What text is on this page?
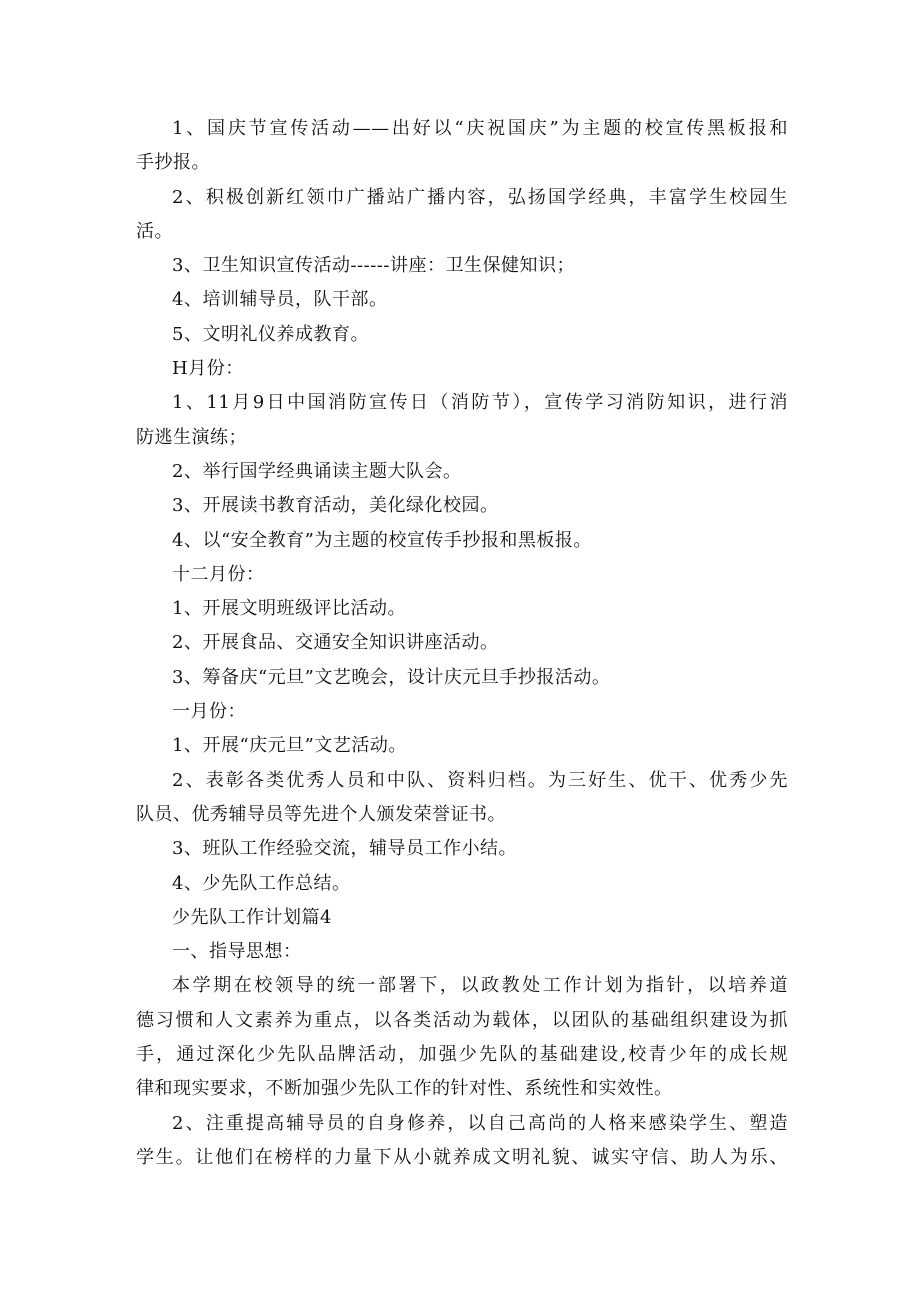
1、国庆节宣传活动——出好以“庆祝国庆”为主题的校宣传黑板报和
手抄报。
2、积极创新红领巾广播站广播内容，弘扬国学经典，丰富学生校园生
活。
3、卫生知识宣传活动------讲座：卫生保健知识；
4、培训辅导员，队干部。
5、文明礼仪养成教育。
H月份：
1、11月9日中国消防宣传日（消防节），宣传学习消防知识，进行消
防逃生演练；
2、举行国学经典诵读主题大队会。
3、开展读书教育活动，美化绿化校园。
4、以“安全教育”为主题的校宣传手抄报和黑板报。
十二月份：
1、开展文明班级评比活动。
2、开展食品、交通安全知识讲座活动。
3、筹备庆“元旦”文艺晚会，设计庆元旦手抄报活动。
一月份：
1、开展“庆元旦”文艺活动。
2、表彰各类优秀人员和中队、资料归档。为三好生、优干、优秀少先
队员、优秀辅导员等先进个人颁发荣誉证书。
3、班队工作经验交流，辅导员工作小结。
4、少先队工作总结。
少先队工作计划篇4
一、指导思想：
本学期在校领导的统一部署下，以政教处工作计划为指针，以培养道
德习惯和人文素养为重点，以各类活动为载体，以团队的基础组织建设为抓
手，通过深化少先队品牌活动，加强少先队的基础建设,校青少年的成长规
律和现实要求，不断加强少先队工作的针对性、系统性和实效性。
2、注重提高辅导员的自身修养，以自己高尚的人格来感染学生、塑造
学生。让他们在榜样的力量下从小就养成文明礼貌、诚实守信、助人为乐、
